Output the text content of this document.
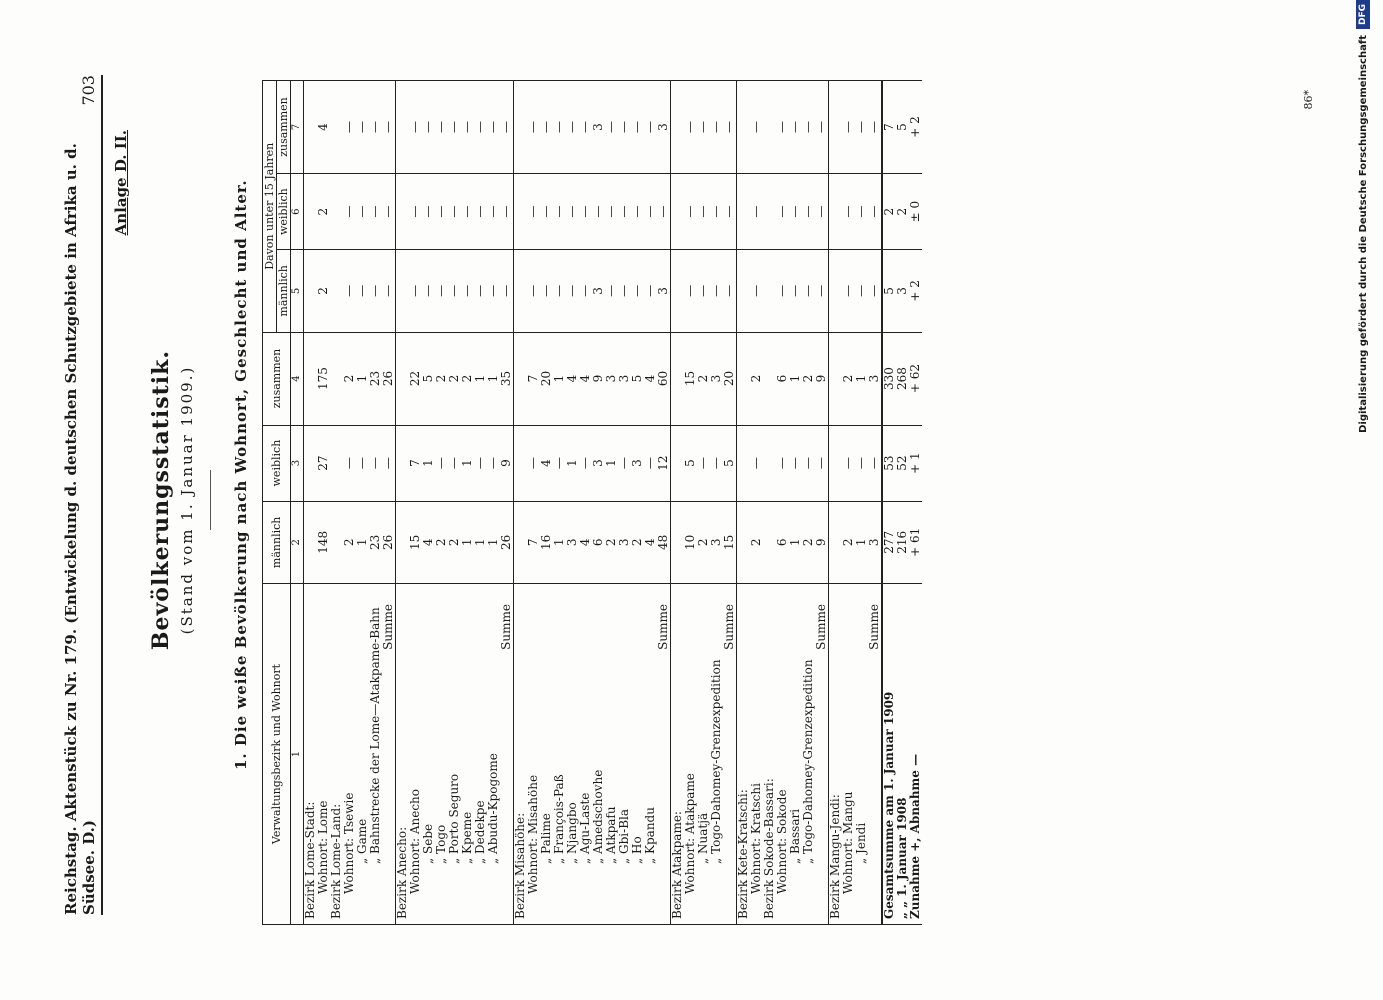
Reichstag. Aktenstück zu Nr. 179. (Entwickelung d. deutschen Schutzgebiete in Afrika u. d. Südsee. D.)
703
Anlage D. II.
Bevölkerungsstatistik. (Stand vom 1. Januar 1909.) 1. Die weiße Bevölkerung nach Wohnort, Geschlecht und Alter. Verwaltungsbezirk und Wohnort	männlich	weiblich	zusammen	Davon unter 15 Jahren		
				männlich	weiblich	zusammen
1	2	3	4	5	6	7
Bezirk Lome-Stadt:						
Wohnort: Lome	148	27	175	2	2	4
Bezirk Lome-Land:						
Wohnort: Tsewie	2	—	2	—	—	—
„ Game	1	—	1	—	—	—
„ Bahnstrecke der Lome—Atakpame-Bahn	23	—	23	—	—	—
Summe	26	—	26	—	—	—
Bezirk Anecho:						
Wohnort: Anecho	15	7	22	—	—	—
„ Sebe	4	1	5	—	—	—
„ Togo	2	—	2	—	—	—
„ Porto Seguro	2	—	2	—	—	—
„ Kpeme	1	1	2	—	—	—
„ Dedekpe	1	—	1	—	—	—
„ Abudu-Kpogome	1	—	1	—	—	—
Summe	26	9	35	—	—	—
Bezirk Misahöhe:						
Wohnort: Misahöhe	7	—	7	—	—	—
„ Palime	16	4	20	—	—	—
„ François-Paß	1	—	1	—	—	—
„ Njangbo	3	1	4	—	—	—
„ Agu-Laste	4	—	4	—	—	—
„ Amedschovhe	6	3	9	3	—	3
„ Atkpafu	2	1	3	—	—	—
„ Gbi-Bla	3	—	3	—	—	—
„ Ho	2	3	5	—	—	—
„ Kpandu	4	—	4	—	—	—
Summe	48	12	60	3	—	3
Bezirk Atakpame:						
Wohnort: Atakpame	10	5	15	—	—	—
„ Nuatjä	2	—	2	—	—	—
„ Togo-Dahomey-Grenzexpedition	3	—	3	—	—	—
Summe	15	5	20	—	—	—
Bezirk Kete-Kratschi:						
Wohnort: Kratschi	2	—	2	—	—	—
Bezirk Sokode-Bassari:						
Wohnort: Sokode	6	—	6	—	—	—
„ Bassari	1	—	1	—	—	—
„ Togo-Dahomey-Grenzexpedition	2	—	2	—	—	—
Summe	9	—	9	—	—	—
Bezirk Mangu-Jendi:						
Wohnort: Mangu	2	—	2	—	—	—
„ Jendi	1	—	1	—	—	—
Summe	3	—	3	—	—	—
Gesamtsumme am 1. Januar 1909	277	53	330	5	2	7
„ „ 1. Januar 1908	216	52	268	3	2	5
Zunahme +, Abnahme —	+ 61	+ 1	+ 62	+ 2	± 0	+ 2
86*	Digitalisierung gefördert durch die Deutsche Forschungsgemeinschaft
DFG
